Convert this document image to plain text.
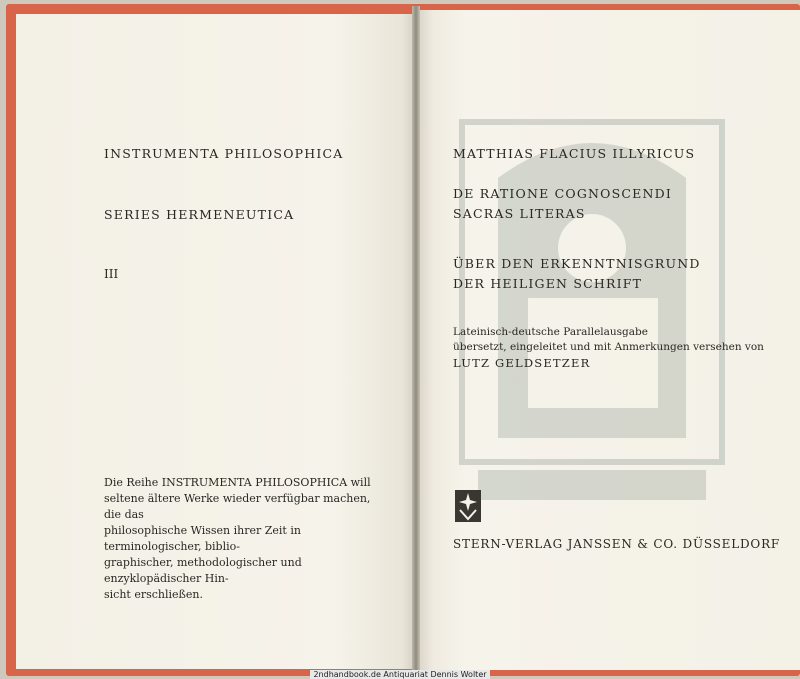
INSTRUMENTA PHILOSOPHICA
SERIES HERMENEUTICA
III
Die Reihe INSTRUMENTA PHILOSOPHICA will
seltene ältere Werke wieder verfügbar machen, die das
philosophische Wissen ihrer Zeit in terminologischer, biblio-
graphischer, methodologischer und enzyklopädischer Hin-
sicht erschließen.
MATTHIAS FLACIUS ILLYRICUS
DE RATIONE COGNOSCENDI
SACRAS LITERAS
ÜBER DEN ERKENNTNISGRUND
DER HEILIGEN SCHRIFT
Lateinisch-deutsche Parallelausgabe
übersetzt, eingeleitet und mit Anmerkungen versehen von
LUTZ GELDSETZER
STERN-VERLAG JANSSEN & CO. DÜSSELDORF
2ndhandbook.de Antiquariat Dennis Wolter
